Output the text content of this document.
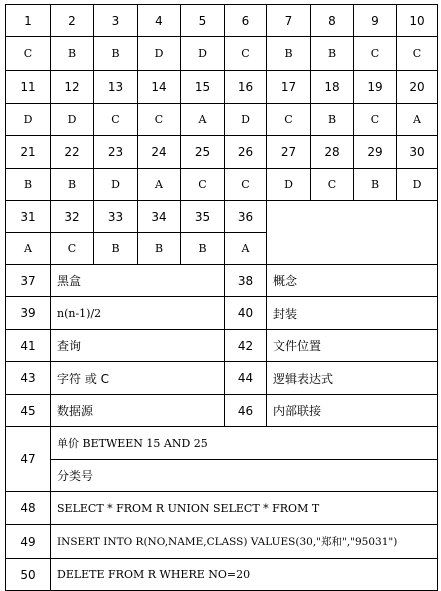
1	2	3	4	5	6	7	8	9	10
C	B	B	D	D	C	B	B	C	C
11	12	13	14	15	16	17	18	19	20
D	D	C	C	A	D	C	B	C	A
21	22	23	24	25	26	27	28	29	30
B	B	D	A	C	C	D	C	B	D
31	32	33	34	35	36				
A	C	B	B	B	A				
37	黑盒				38	概念			
39	n(n-1)/2				40	封装			
41	查询				42	文件位置			
43	字符 或 C				44	逻辑表达式			
45	数据源				46	内部联接			
47	单价 BETWEEN 15 AND 25								
	分类号								
48	SELECT * FROM R UNION SELECT * FROM T								
49	INSERT INTO R(NO,NAME,CLASS) VALUES(30,"郑和","95031")								
50	DELETE FROM R WHERE NO=20								
